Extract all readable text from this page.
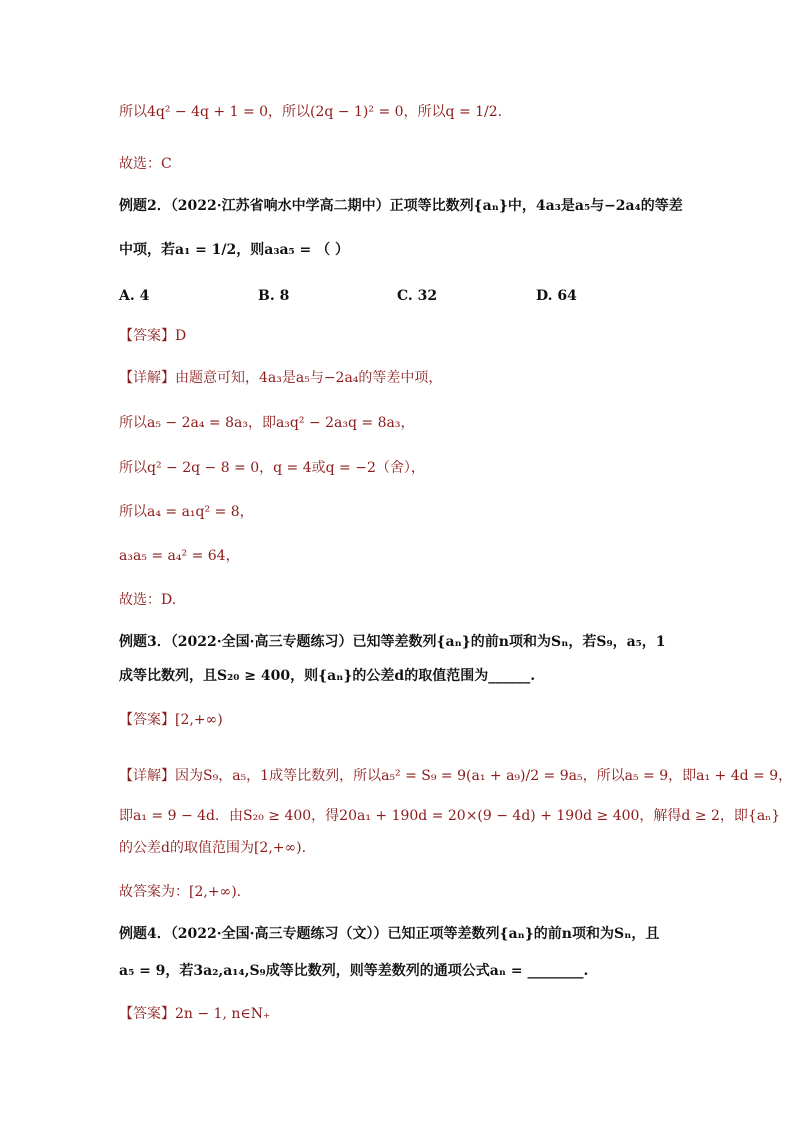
所以4q² − 4q + 1 = 0，所以(2q − 1)² = 0，所以q = 1/2.
故选：C
例题2．（2022·江苏省响水中学高二期中）正项等比数列{aₙ}中，4a₃是a₅与−2a₄的等差
中项，若a₁ = 1/2，则a₃a₅ = （ ）
A. 4	B. 8	C. 32	D. 64
【答案】D
【详解】由题意可知，4a₃是a₅与−2a₄的等差中项，
所以a₅ − 2a₄ = 8a₃，即a₃q² − 2a₃q = 8a₃，
所以q² − 2q − 8 = 0，q = 4或q = −2（舍），
所以a₄ = a₁q² = 8，
a₃a₅ = a₄² = 64，
故选：D.
例题3．（2022·全国·高三专题练习）已知等差数列{aₙ}的前n项和为Sₙ，若S₉，a₅，1
成等比数列，且S₂₀ ≥ 400，则{aₙ}的公差d的取值范围为______.
【答案】[2,+∞)
【详解】因为S₉，a₅，1成等比数列，所以a₅² = S₉ = 9(a₁ + a₉)/2 = 9a₅，所以a₅ = 9，即a₁ + 4d = 9，
即a₁ = 9 − 4d．由S₂₀ ≥ 400，得20a₁ + 190d = 20×(9 − 4d) + 190d ≥ 400，解得d ≥ 2，即{aₙ}
的公差d的取值范围为[2,+∞).
故答案为：[2,+∞).
例题4．（2022·全国·高三专题练习（文））已知正项等差数列{aₙ}的前n项和为Sₙ，且
a₅ = 9，若3a₂,a₁₄,S₉成等比数列，则等差数列的通项公式aₙ = ________.
【答案】2n − 1, n∈N₊
